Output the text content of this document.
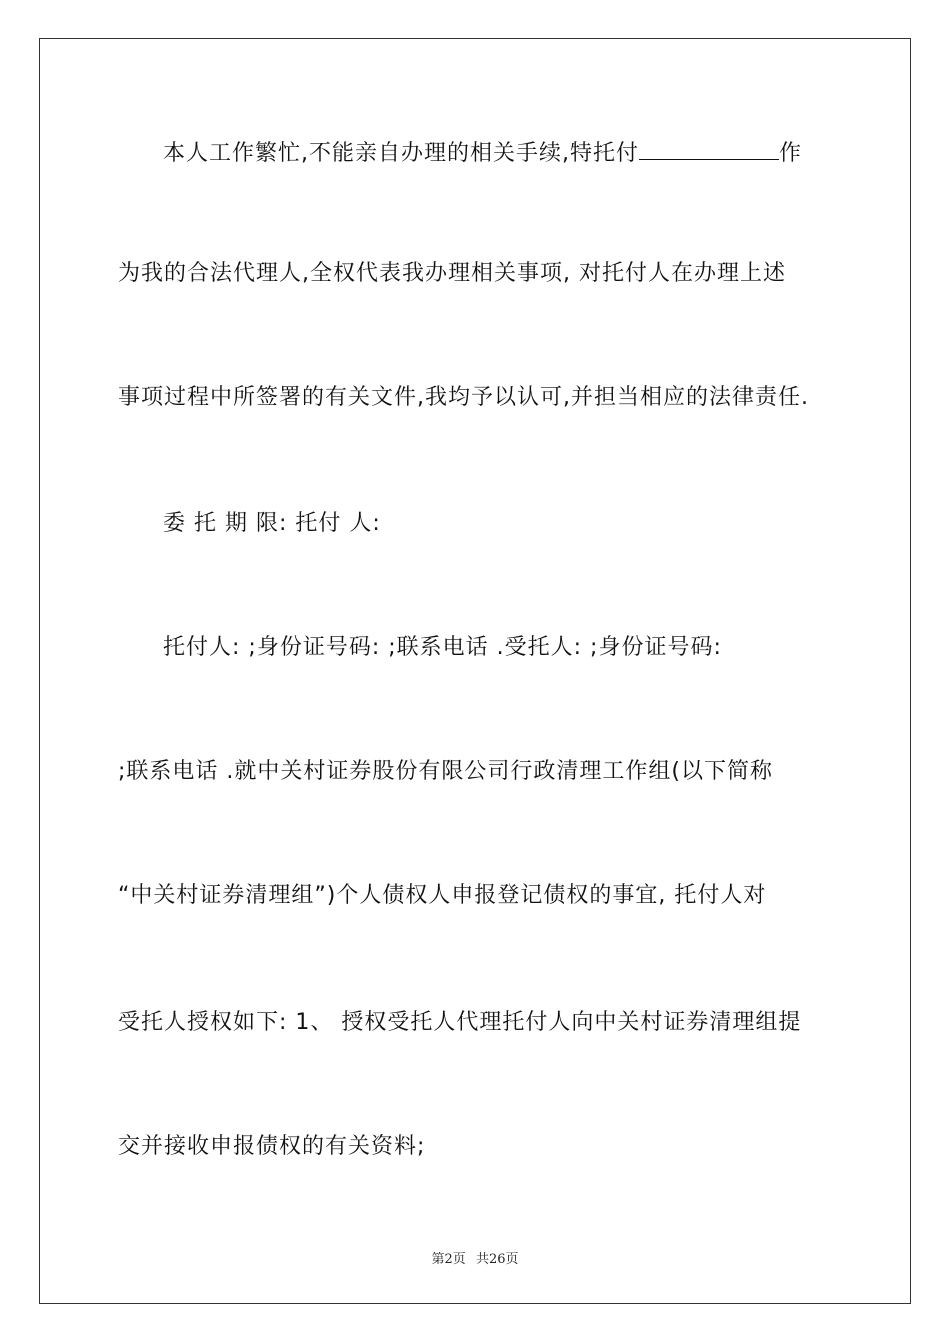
本人工作繁忙,不能亲自办理的相关手续,特托付	作
为我的合法代理人,全权代表我办理相关事项, 对托付人在办理上述
事项过程中所签署的有关文件,我均予以认可,并担当相应的法律责任.
委 托 期 限: 托付 人:
托付人: ;身份证号码: ;联系电话 .受托人: ;身份证号码:
;联系电话 .就中关村证券股份有限公司行政清理工作组(以下简称
“中关村证券清理组”)个人债权人申报登记债权的事宜, 托付人对
受托人授权如下: 1、 授权受托人代理托付人向中关村证券清理组提
交并接收申报债权的有关资料;
第2页 共26页
